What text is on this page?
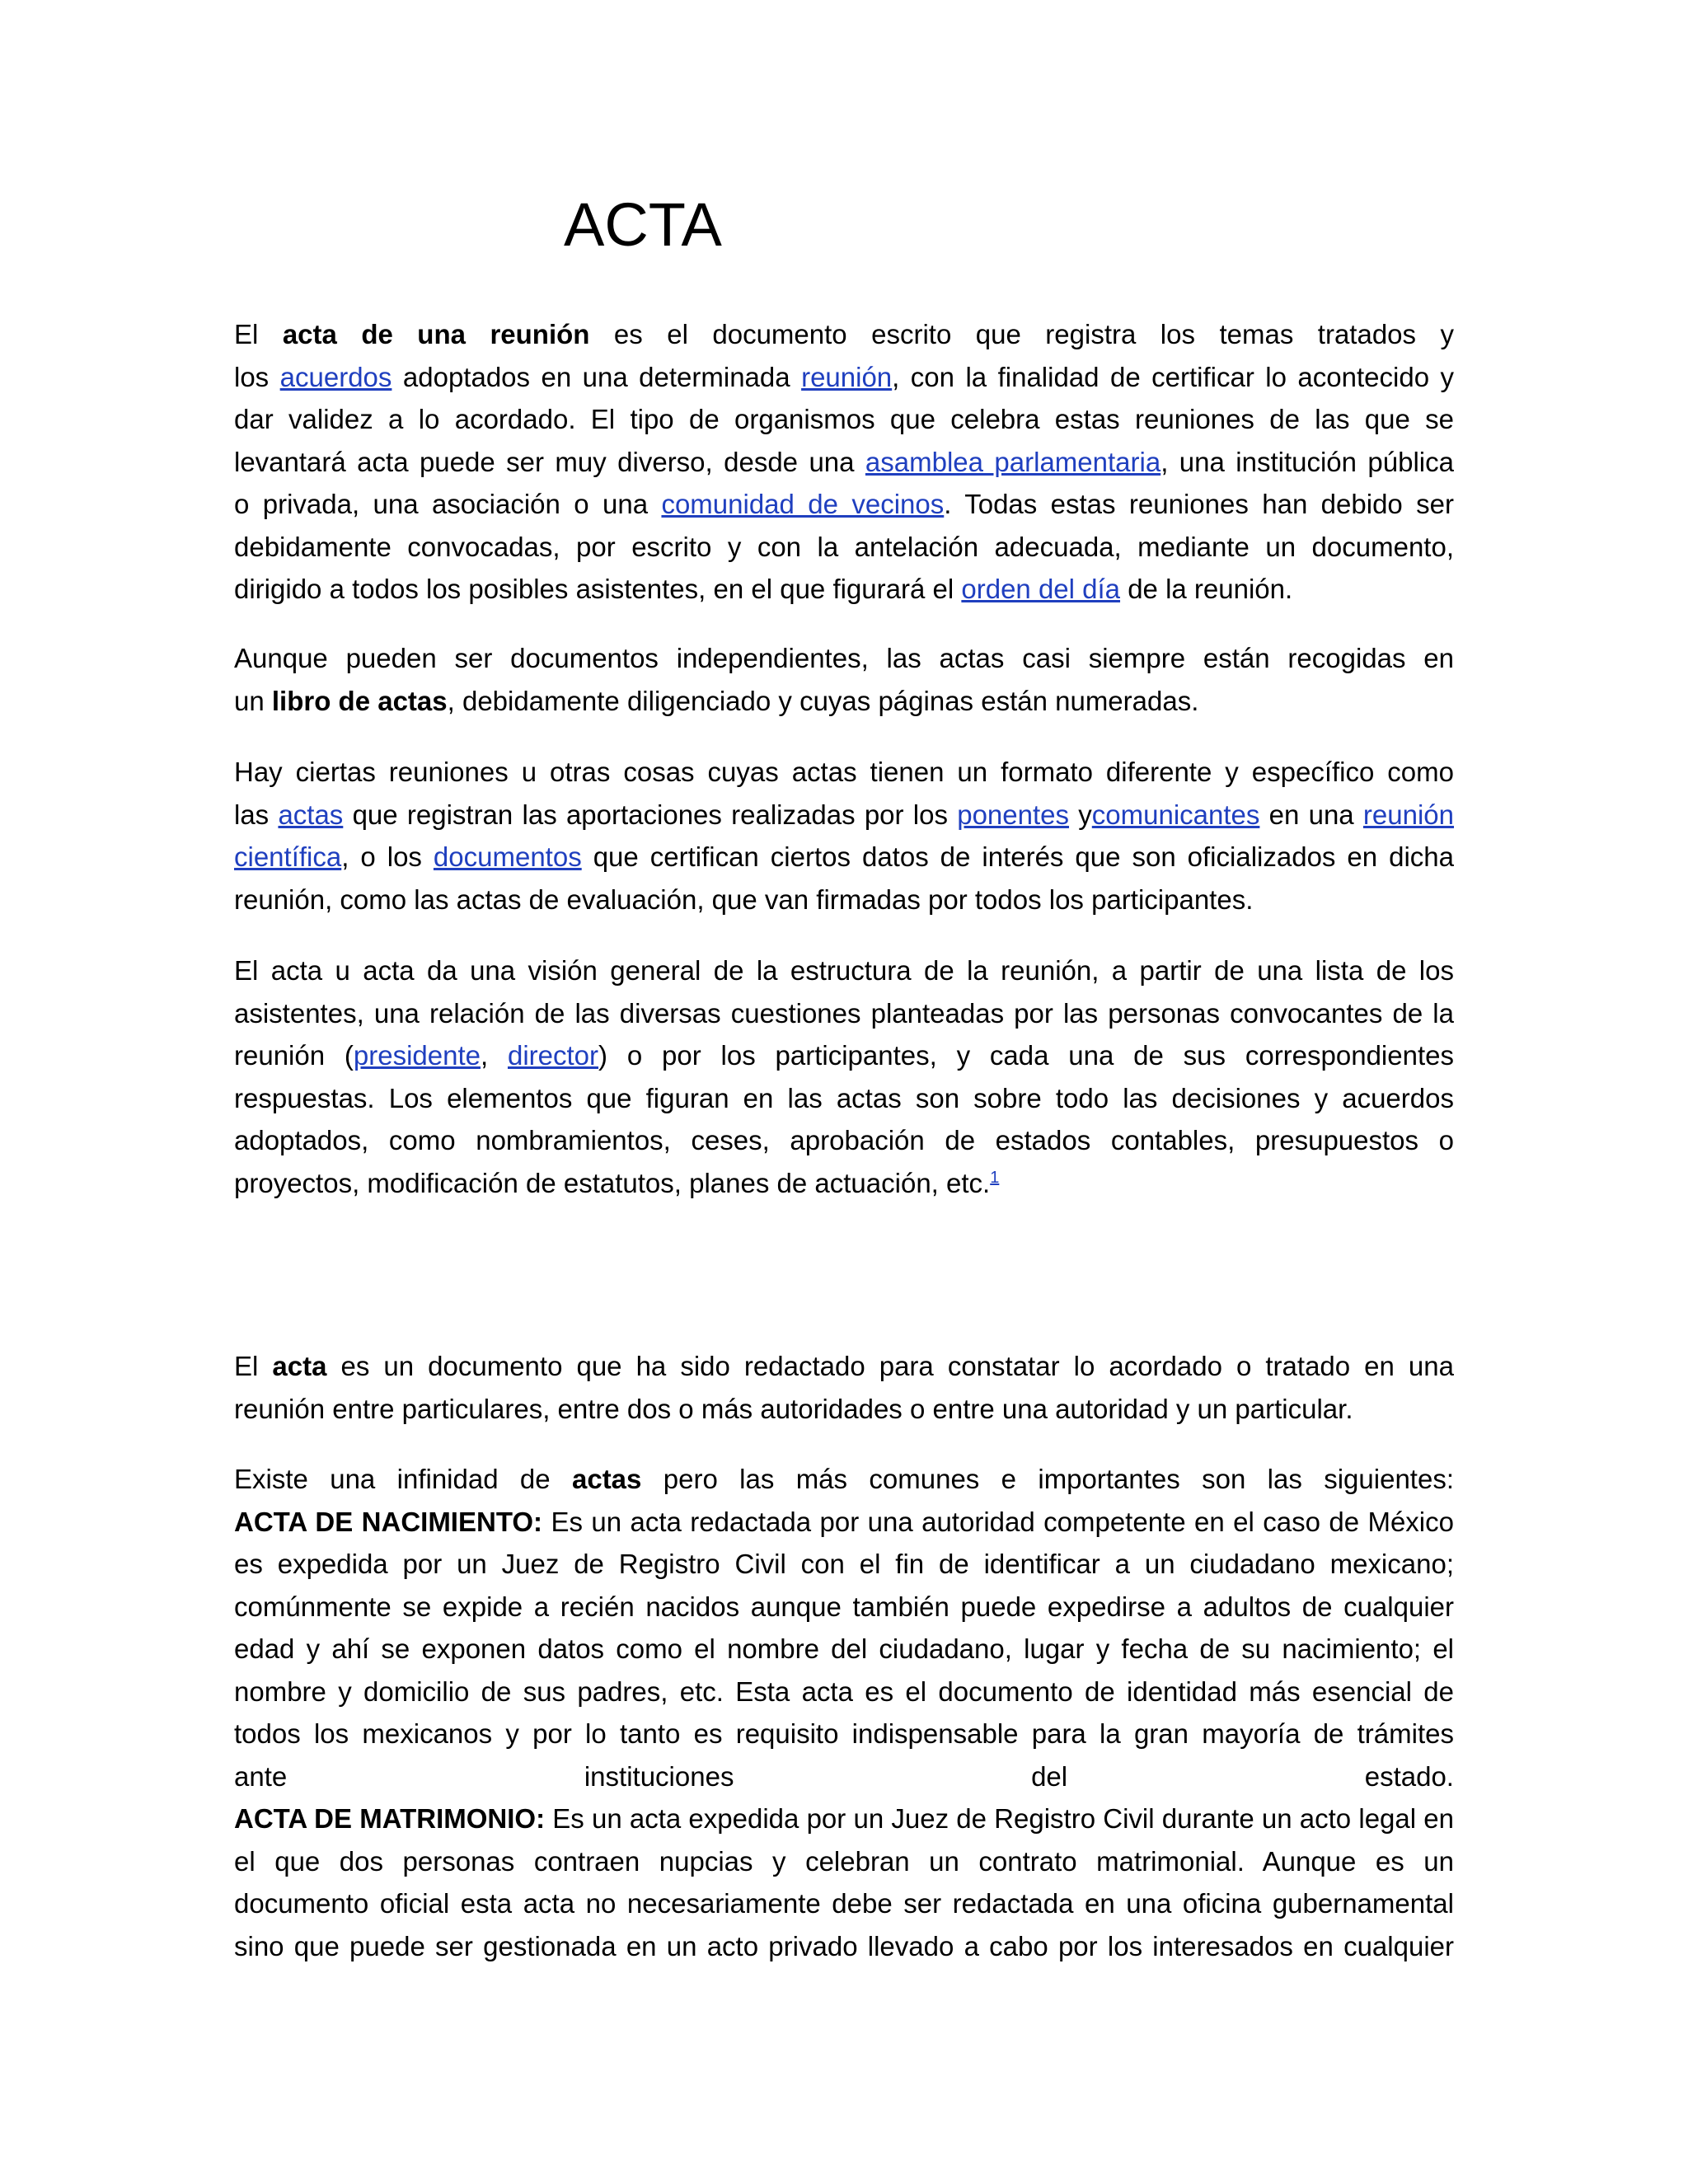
ACTA
El acta de una reunión es el documento escrito que registra los temas tratados y
los acuerdos adoptados en una determinada reunión, con la finalidad de certificar lo acontecido y
dar validez a lo acordado. El tipo de organismos que celebra estas reuniones de las que se
levantará acta puede ser muy diverso, desde una asamblea parlamentaria, una institución pública
o privada, una asociación o una comunidad de vecinos. Todas estas reuniones han debido ser
debidamente convocadas, por escrito y con la antelación adecuada, mediante un documento,
dirigido a todos los posibles asistentes, en el que figurará el orden del día de la reunión.
Aunque pueden ser documentos independientes, las actas casi siempre están recogidas en
un libro de actas, debidamente diligenciado y cuyas páginas están numeradas.
Hay ciertas reuniones u otras cosas cuyas actas tienen un formato diferente y específico como
las actas que registran las aportaciones realizadas por los ponentes ycomunicantes en una reunión
científica, o los documentos que certifican ciertos datos de interés que son oficializados en dicha
reunión, como las actas de evaluación, que van firmadas por todos los participantes.
El acta u acta da una visión general de la estructura de la reunión, a partir de una lista de los
asistentes, una relación de las diversas cuestiones planteadas por las personas convocantes de la
reunión (presidente, director) o por los participantes, y cada una de sus correspondientes
respuestas. Los elementos que figuran en las actas son sobre todo las decisiones y acuerdos
adoptados, como nombramientos, ceses, aprobación de estados contables, presupuestos o
proyectos, modificación de estatutos, planes de actuación, etc.$^1$
El acta es un documento que ha sido redactado para constatar lo acordado o tratado en una
reunión entre particulares, entre dos o más autoridades o entre una autoridad y un particular.
Existe una infinidad de actas pero las más comunes e importantes son las siguientes:
ACTA DE NACIMIENTO: Es un acta redactada por una autoridad competente en el caso de México
es expedida por un Juez de Registro Civil con el fin de identificar a un ciudadano mexicano;
comúnmente se expide a recién nacidos aunque también puede expedirse a adultos de cualquier
edad y ahí se exponen datos como el nombre del ciudadano, lugar y fecha de su nacimiento; el
nombre y domicilio de sus padres, etc. Esta acta es el documento de identidad más esencial de
todos los mexicanos y por lo tanto es requisito indispensable para la gran mayoría de trámites
ante	instituciones	del	estado.
ACTA DE MATRIMONIO: Es un acta expedida por un Juez de Registro Civil durante un acto legal en
el que dos personas contraen nupcias y celebran un contrato matrimonial. Aunque es un
documento oficial esta acta no necesariamente debe ser redactada en una oficina gubernamental
sino que puede ser gestionada en un acto privado llevado a cabo por los interesados en cualquier
